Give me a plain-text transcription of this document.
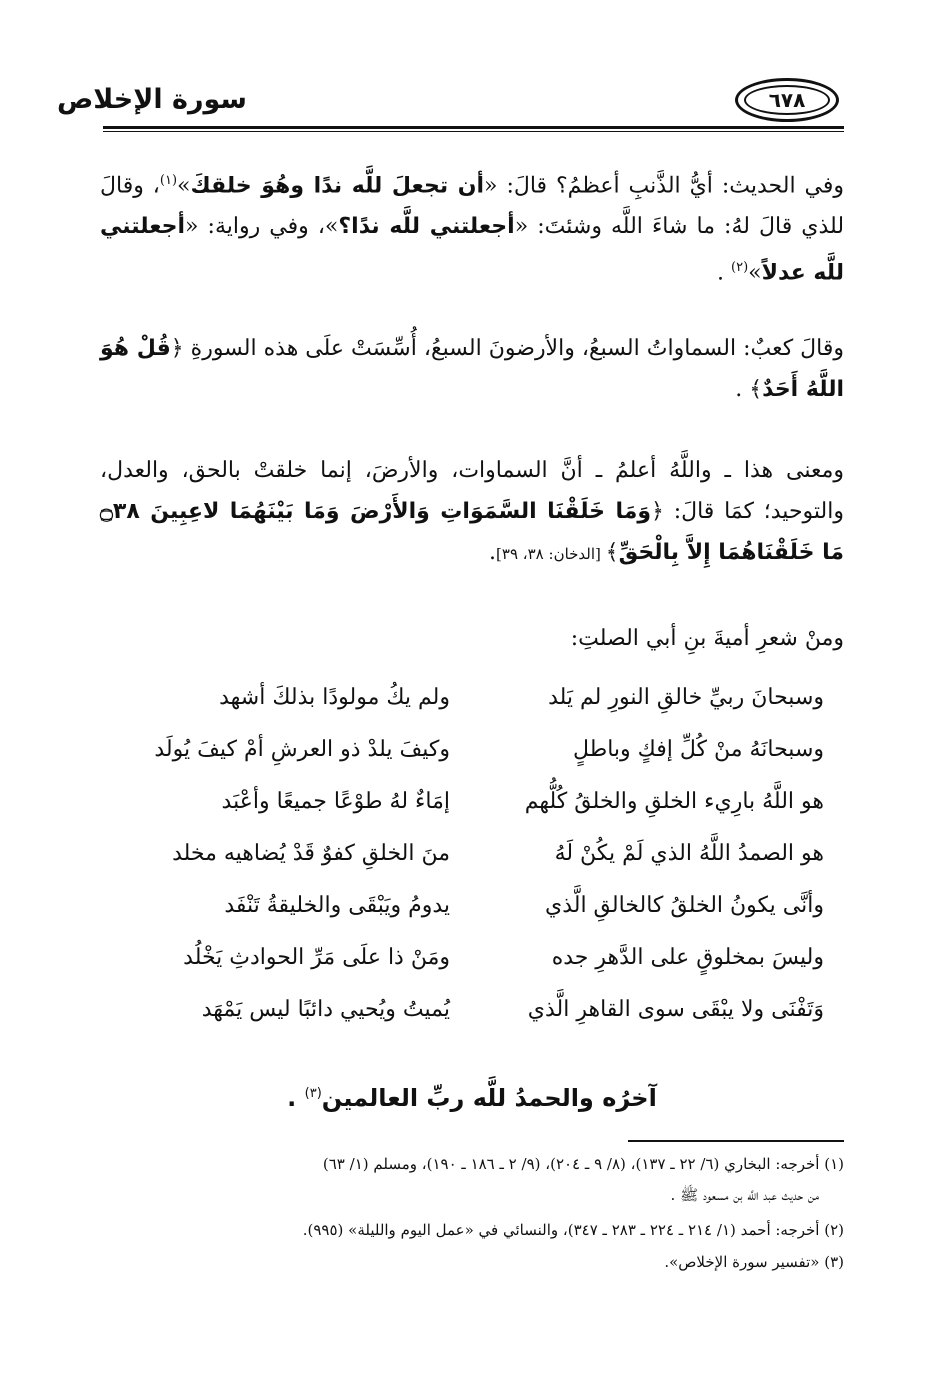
سورة الإخلاص	٦٧٨
وفي الحديث: أيُّ الذَّنبِ أعظمُ؟ قالَ: «أن تجعلَ للَّه ندًا وهُوَ خلقكَ»$^{(١)}$، وقالَ للذي قالَ لهُ: ما شاءَ اللَّه وشئتَ: «أجعلتني للَّه ندًا؟»، وفي رواية: «أجعلتني للَّه عدلاً»$^{(٢)}$ .
وقالَ كعبٌ: السماواتُ السبعُ، والأرضونَ السبعُ، أُسِّسَتْ علَى هذه السورةِ ﴿قُلْ هُوَ اللَّهُ أَحَدٌ﴾ .
ومعنى هذا ـ واللَّهُ أعلمُ ـ أنَّ السماوات، والأرضَ، إنما خلقتْ بالحق، والعدل، والتوحيد؛ كمَا قالَ: ﴿وَمَا خَلَقْنَا السَّمَوَاتِ وَالأَرْضَ وَمَا بَيْنَهُمَا لاعِبِينَ ۝٣٨ مَا خَلَقْنَاهُمَا إِلاَّ بِالْحَقِّ﴾ [الدخان: ٣٨، ٣٩].
ومنْ شعرِ أميةَ بنِ أبي الصلتِ:
وسبحانَ ربيِّ خالقِ النورِ لم يَلد
ولم يكُ مولودًا بذلكَ أشهد
وسبحانَهُ منْ كُلِّ إفكٍ وباطلٍ
وكيفَ يلدْ ذو العرشِ أمْ كيفَ يُولَد
هو اللَّهُ بارِيء الخلقِ والخلقُ كُلُّهم
إمَاءٌ لهُ طوْعًا جميعًا وأعْبَد
هو الصمدُ اللَّهُ الذي لَمْ يكُنْ لَهُ
منَ الخلقِ كفوٌ قَدْ يُضاهيه مخلد
وأنَّى يكونُ الخلقُ كالخالقِ الَّذي
يدومُ ويَبْقَى والخليقةُ تَنْفَد
وليسَ بمخلوقٍ على الدَّهرِ جده
ومَنْ ذا علَى مَرِّ الحوادثِ يَخْلُد
وَتَفْنَى ولا يبْقَى سوى القاهرِ الَّذي
يُميتُ ويُحيي دائبًا ليس يَمْهَد
آخرُه والحمدُ للَّه ربِّ العالمين$^{(٣)}$ .
(١) أخرجه: البخاري (٦/ ٢٢ ـ ١٣٧)، (٨/ ٩ ـ ٢٠٤)، (٩/ ٢ ـ ١٨٦ ـ ١٩٠)، ومسلم (١/ ٦٣)
من حديث عبد اللَّه بن مسعود ﷺ .
(٢) أخرجه: أحمد (١/ ٢١٤ ـ ٢٢٤ ـ ٢٨٣ ـ ٣٤٧)، والنسائي في «عمل اليوم والليلة» (٩٩٥).
(٣) «تفسير سورة الإخلاص».
